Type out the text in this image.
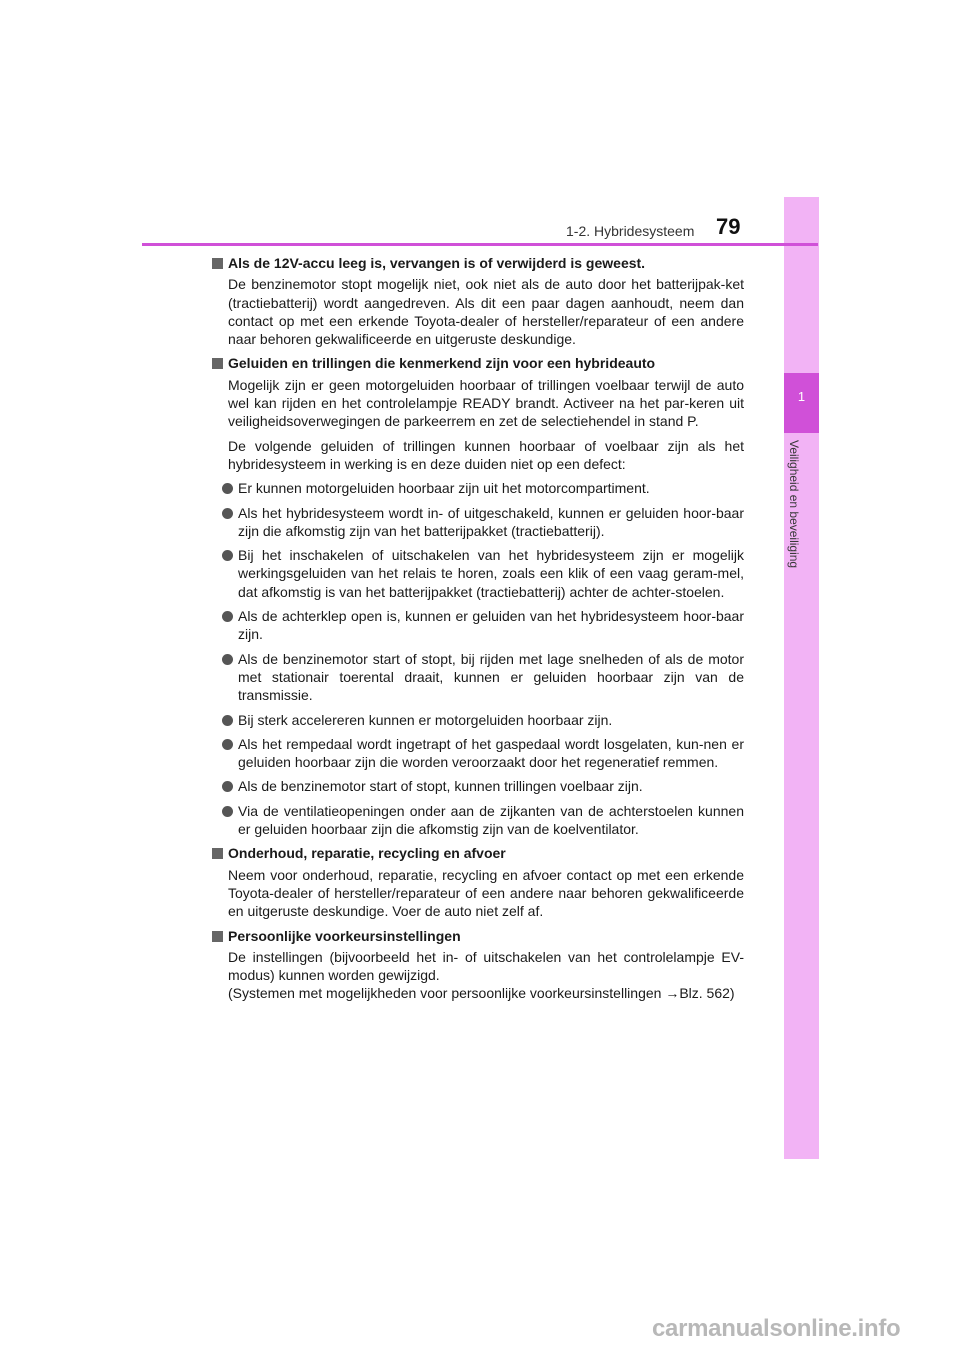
1
Veiligheid en beveiliging
1-2. Hybridesysteem 79
Als de 12V-accu leeg is, vervangen is of verwijderd is geweest.

De benzinemotor stopt mogelijk niet, ook niet als de auto door het batterijpak-ket (tractiebatterij) wordt aangedreven. Als dit een paar dagen aanhoudt, neem dan contact op met een erkende Toyota-dealer of hersteller/reparateur of een andere naar behoren gekwalificeerde en uitgeruste deskundige.

Geluiden en trillingen die kenmerkend zijn voor een hybrideauto

Mogelijk zijn er geen motorgeluiden hoorbaar of trillingen voelbaar terwijl de auto wel kan rijden en het controlelampje READY brandt. Activeer na het par-keren uit veiligheidsoverwegingen de parkeerrem en zet de selectiehendel in stand P.

De volgende geluiden of trillingen kunnen hoorbaar of voelbaar zijn als het hybridesysteem in werking is en deze duiden niet op een defect:

Er kunnen motorgeluiden hoorbaar zijn uit het motorcompartiment.
Als het hybridesysteem wordt in- of uitgeschakeld, kunnen er geluiden hoor-baar zijn die afkomstig zijn van het batterijpakket (tractiebatterij).
Bij het inschakelen of uitschakelen van het hybridesysteem zijn er mogelijk werkingsgeluiden van het relais te horen, zoals een klik of een vaag geram-mel, dat afkomstig is van het batterijpakket (tractiebatterij) achter de achter-stoelen.
Als de achterklep open is, kunnen er geluiden van het hybridesysteem hoor-baar zijn.
Als de benzinemotor start of stopt, bij rijden met lage snelheden of als de motor met stationair toerental draait, kunnen er geluiden hoorbaar zijn van de transmissie.
Bij sterk accelereren kunnen er motorgeluiden hoorbaar zijn.
Als het rempedaal wordt ingetrapt of het gaspedaal wordt losgelaten, kun-nen er geluiden hoorbaar zijn die worden veroorzaakt door het regeneratief remmen.
Als de benzinemotor start of stopt, kunnen trillingen voelbaar zijn.
Via de ventilatieopeningen onder aan de zijkanten van de achterstoelen kunnen er geluiden hoorbaar zijn die afkomstig zijn van de koelventilator.
Onderhoud, reparatie, recycling en afvoer

Neem voor onderhoud, reparatie, recycling en afvoer contact op met een erkende Toyota-dealer of hersteller/reparateur of een andere naar behoren gekwalificeerde en uitgeruste deskundige. Voer de auto niet zelf af.

Persoonlijke voorkeursinstellingen

De instellingen (bijvoorbeeld het in- of uitschakelen van het controlelampje EV-modus) kunnen worden gewijzigd.

(Systemen met mogelijkheden voor persoonlijke voorkeursinstellingen →Blz. 562)

carmanualsonline.info
